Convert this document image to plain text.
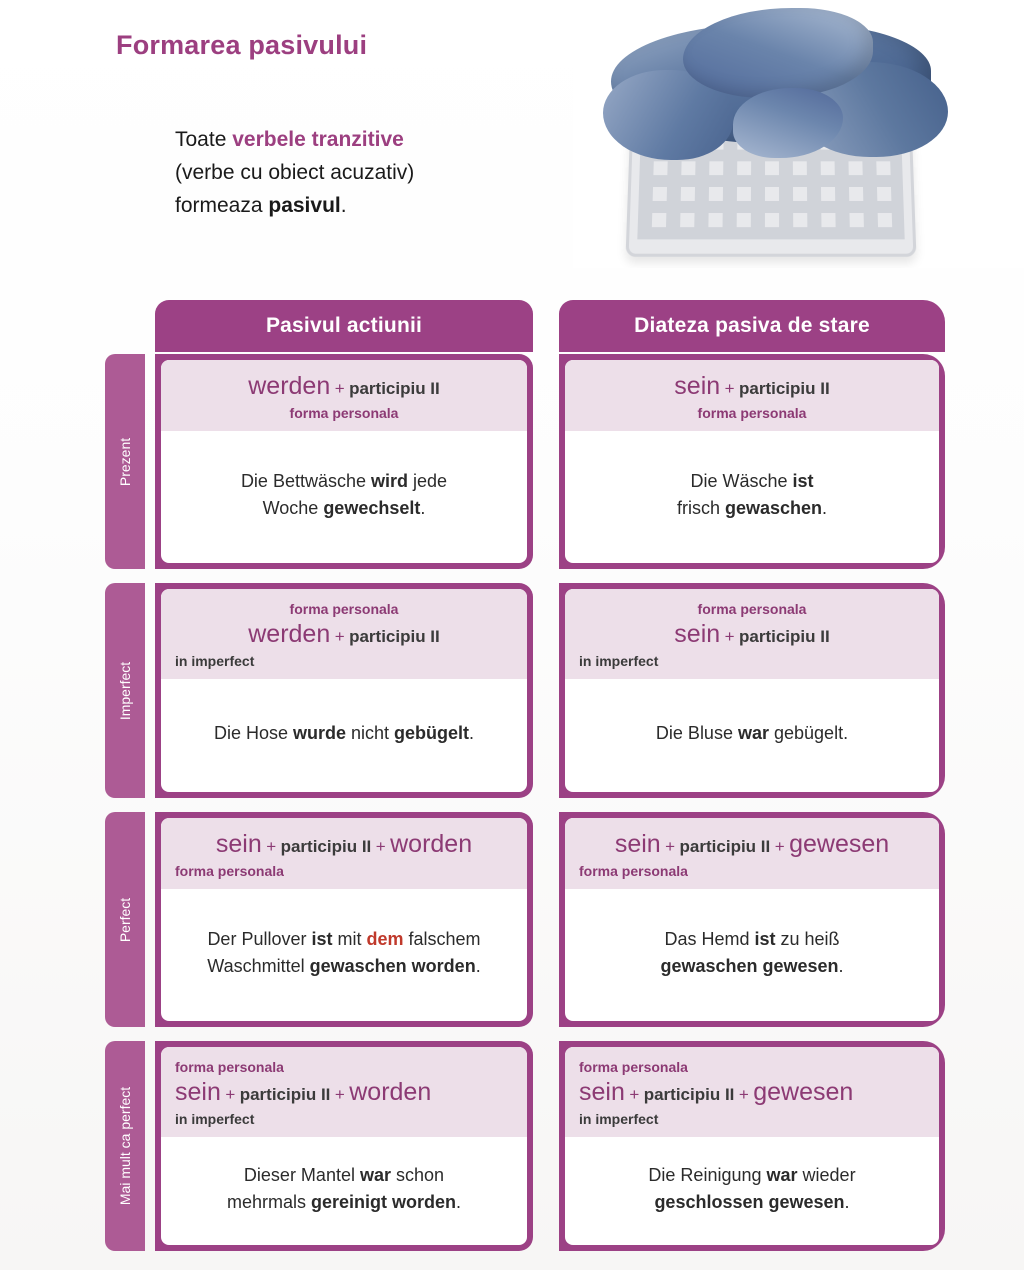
Formarea pasivului
Toate verbele tranzitive
(verbe cu obiect acuzativ)
formeaza pasivul.
Pasivul actiunii	Diateza pasiva de stare
Prezent
werden + participiu II
forma personala
Die Bettwäsche wird jede
Woche gewechselt.
sein + participiu II
forma personala
Die Wäsche ist
frisch gewaschen.
Imperfect
forma personala
werden + participiu II
in imperfect
Die Hose wurde nicht gebügelt.
forma personala
sein + participiu II
in imperfect
Die Bluse war gebügelt.
Perfect
sein + participiu II + worden
forma personala
Der Pullover ist mit dem falschem
Waschmittel gewaschen worden.
sein + participiu II + gewesen
forma personala
Das Hemd ist zu heiß
gewaschen gewesen.
Mai mult ca perfect
forma personala
sein + participiu II + worden
in imperfect
Dieser Mantel war schon
mehrmals gereinigt worden.
forma personala
sein + participiu II + gewesen
in imperfect
Die Reinigung war wieder
geschlossen gewesen.
